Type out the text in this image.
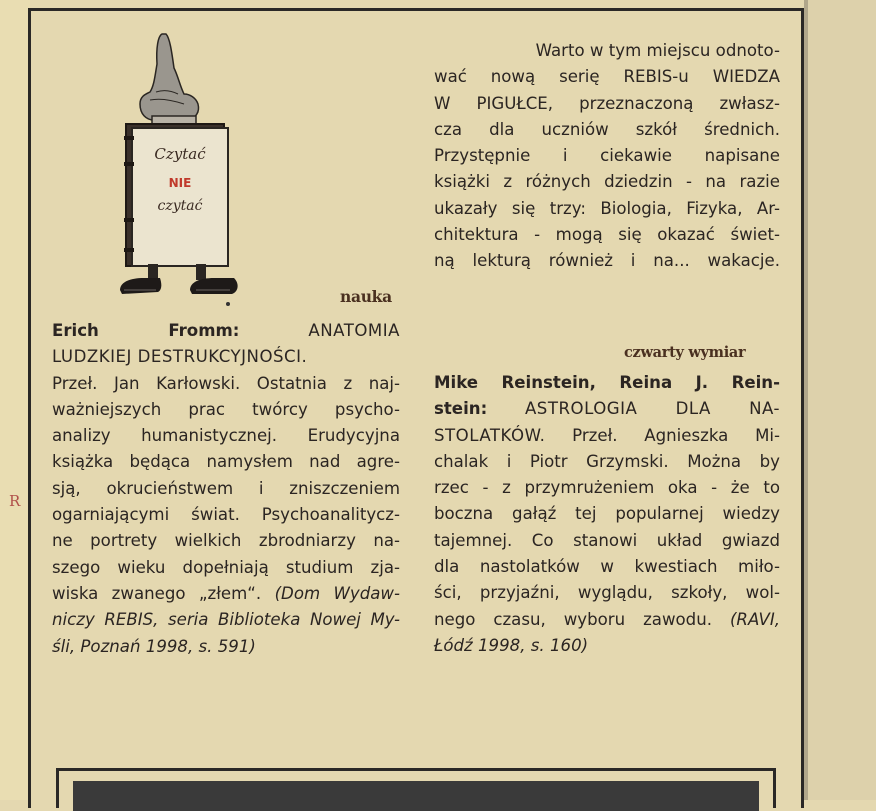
R
Czytać
NIE
czytać
Warto w tym miejscu odnoto-
wać nową serię REBIS-u WIEDZA
W PIGUŁCE, przeznaczoną zwłasz-
cza dla uczniów szkół średnich.
Przystępnie i ciekawie napisane
książki z różnych dziedzin - na razie
ukazały się trzy: Biologia, Fizyka, Ar-
chitektura - mogą się okazać świet-
ną lekturą również i na... wakacje.
nauka
czwarty wymiar
Erich Fromm:	ANATOMIA
LUDZKIEJ DESTRUKCYJNOŚCI.
Przeł. Jan Karłowski. Ostatnia z naj-
ważniejszych prac twórcy psycho-
analizy humanistycznej. Erudycyjna
książka będąca namysłem nad agre-
sją, okrucieństwem i zniszczeniem
ogarniającymi świat. Psychoanalitycz-
ne portrety wielkich zbrodniarzy na-
szego wieku dopełniają studium zja-
wiska zwanego „złem“. (Dom Wydaw-
niczy REBIS, seria Biblioteka Nowej My-
śli, Poznań 1998, s. 591)
Mike Reinstein, Reina J. Rein-
stein: ASTROLOGIA DLA NA-
STOLATKÓW. Przeł. Agnieszka Mi-
chalak i Piotr Grzymski. Można by
rzec - z przymrużeniem oka - że to
boczna gałąź tej popularnej wiedzy
tajemnej. Co stanowi układ gwiazd
dla nastolatków w kwestiach miło-
ści, przyjaźni, wyglądu, szkoły, wol-
nego czasu, wyboru zawodu. (RAVI,
Łódź 1998, s. 160)
